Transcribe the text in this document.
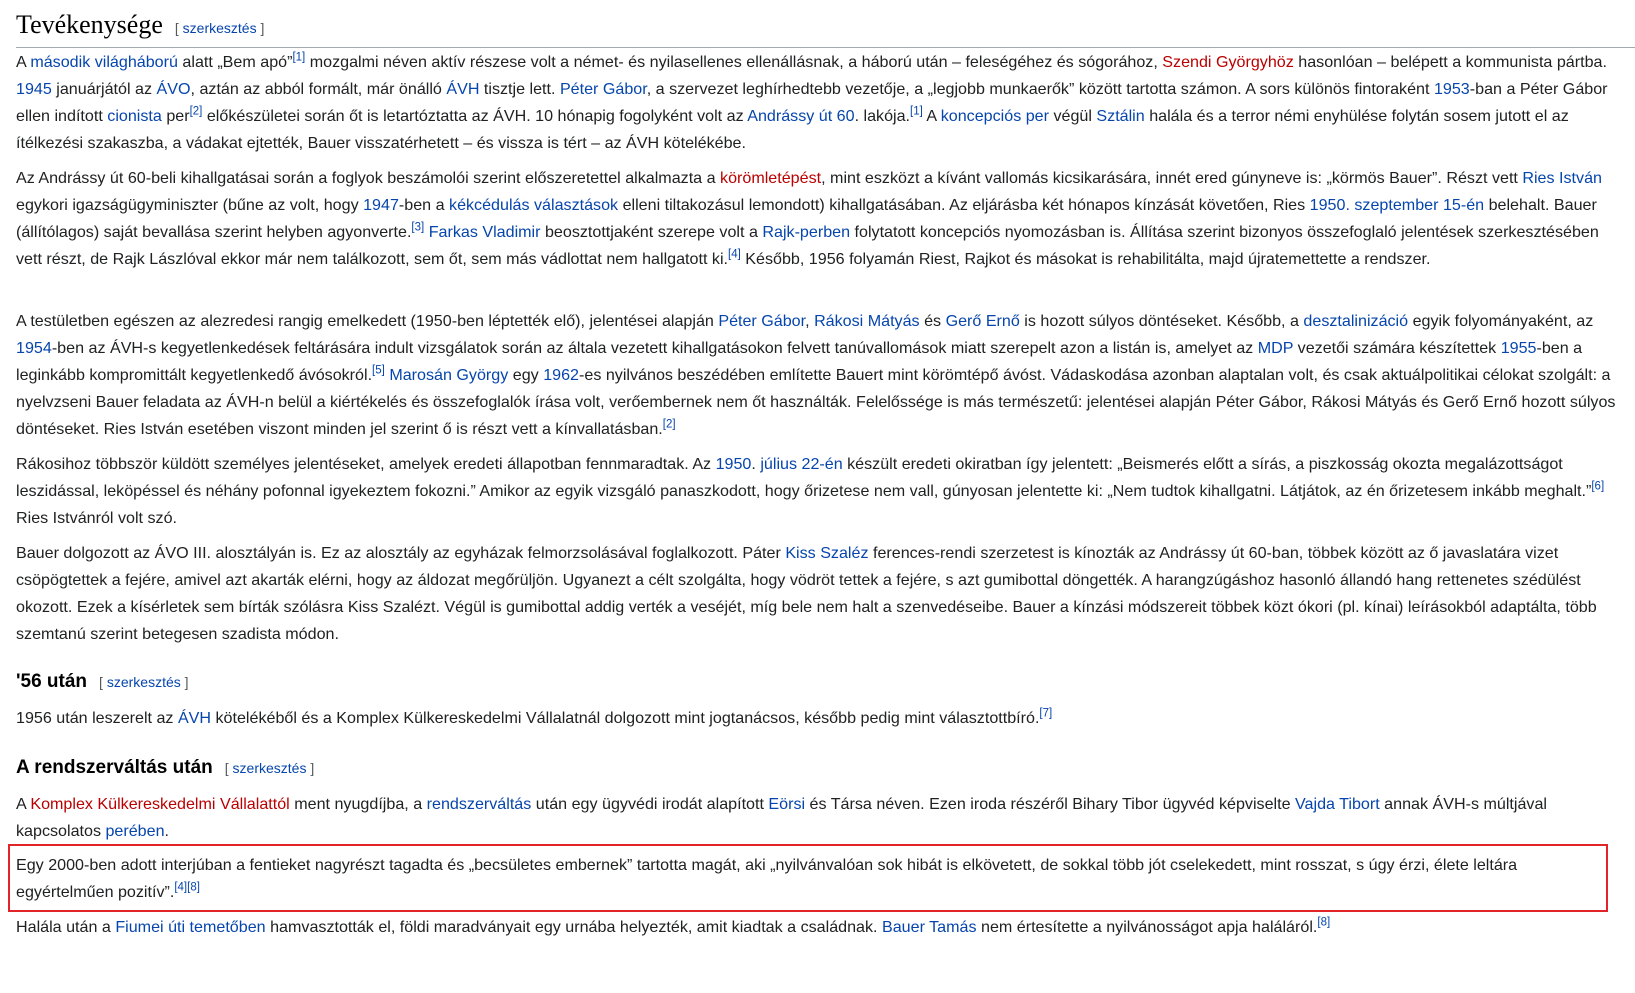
Tevékenysége [ szerkesztés ]

A második világháború alatt „Bem apó”[1] mozgalmi néven aktív részese volt a német- és nyilasellenes ellenállásnak, a háború után – feleségéhez és sógorához, Szendi Györgyhöz hasonlóan – belépett a kommunista pártba. 1945 januárjától az ÁVO, aztán az abból formált, már önálló ÁVH tisztje lett. Péter Gábor, a szervezet leghírhedtebb vezetője, a „legjobb munkaerők” között tartotta számon. A sors különös fintoraként 1953-ban a Péter Gábor ellen indított cionista per[2] előkészületei során őt is letartóztatta az ÁVH. 10 hónapig fogolyként volt az Andrássy út 60. lakója.[1] A koncepciós per végül Sztálin halála és a terror némi enyhülése folytán sosem jutott el az ítélkezési szakaszba, a vádakat ejtették, Bauer visszatérhetett – és vissza is tért – az ÁVH kötelékébe.

Az Andrássy út 60-beli kihallgatásai során a foglyok beszámolói szerint előszeretettel alkalmazta a körömletépést, mint eszközt a kívánt vallomás kicsikarására, innét ered gúnyneve is: „körmös Bauer”. Részt vett Ries István egykori igazságügyminiszter (bűne az volt, hogy 1947-ben a kékcédulás választások elleni tiltakozásul lemondott) kihallgatásában. Az eljárásba két hónapos kínzását követően, Ries 1950. szeptember 15-én belehalt. Bauer (állítólagos) saját bevallása szerint helyben agyonverte.[3] Farkas Vladimir beosztottjaként szerepe volt a Rajk-perben folytatott koncepciós nyomozásban is. Állítása szerint bizonyos összefoglaló jelentések szerkesztésében vett részt, de Rajk Lászlóval ekkor már nem találkozott, sem őt, sem más vádlottat nem hallgatott ki.[4] Később, 1956 folyamán Riest, Rajkot és másokat is rehabilitálta, majd újratemettette a rendszer.

A testületben egészen az alezredesi rangig emelkedett (1950-ben léptették elő), jelentései alapján Péter Gábor, Rákosi Mátyás és Gerő Ernő is hozott súlyos döntéseket. Később, a desztalinizáció egyik folyományaként, az 1954-ben az ÁVH-s kegyetlenkedések feltárására indult vizsgálatok során az általa vezetett kihallgatásokon felvett tanúvallomások miatt szerepelt azon a listán is, amelyet az MDP vezetői számára készítettek 1955-ben a leginkább kompromittált kegyetlenkedő ávósokról.[5] Marosán György egy 1962-es nyilvános beszédében említette Bauert mint körömtépő ávóst. Vádaskodása azonban alaptalan volt, és csak aktuálpolitikai célokat szolgált: a nyelvzseni Bauer feladata az ÁVH-n belül a kiértékelés és összefoglalók írása volt, verőembernek nem őt használták. Felelőssége is más természetű: jelentései alapján Péter Gábor, Rákosi Mátyás és Gerő Ernő hozott súlyos döntéseket. Ries István esetében viszont minden jel szerint ő is részt vett a kínvallatásban.[2]

Rákosihoz többször küldött személyes jelentéseket, amelyek eredeti állapotban fennmaradtak. Az 1950. július 22-én készült eredeti okiratban így jelentett: „Beismerés előtt a sírás, a piszkosság okozta megalázottságot leszidással, leköpéssel és néhány pofonnal igyekeztem fokozni.” Amikor az egyik vizsgáló panaszkodott, hogy őrizetese nem vall, gúnyosan jelentette ki: „Nem tudtok kihallgatni. Látjátok, az én őrizetesem inkább meghalt.”[6] Ries Istvánról volt szó.

Bauer dolgozott az ÁVO III. alosztályán is. Ez az alosztály az egyházak felmorzsolásával foglalkozott. Páter Kiss Szaléz ferences-rendi szerzetest is kínozták az Andrássy út 60-ban, többek között az ő javaslatára vizet csöpögtettek a fejére, amivel azt akarták elérni, hogy az áldozat megőrüljön. Ugyanezt a célt szolgálta, hogy vödröt tettek a fejére, s azt gumibottal döngették. A harangzúgáshoz hasonló állandó hang rettenetes szédülést okozott. Ezek a kísérletek sem bírták szólásra Kiss Szalézt. Végül is gumibottal addig verték a veséjét, míg bele nem halt a szenvedéseibe. Bauer a kínzási módszereit többek közt ókori (pl. kínai) leírásokból adaptálta, több szemtanú szerint betegesen szadista módon.

'56 után [ szerkesztés ]

1956 után leszerelt az ÁVH kötelékéből és a Komplex Külkereskedelmi Vállalatnál dolgozott mint jogtanácsos, később pedig mint választottbíró.[7]

A rendszerváltás után [ szerkesztés ]

A Komplex Külkereskedelmi Vállalattól ment nyugdíjba, a rendszerváltás után egy ügyvédi irodát alapított Eörsi és Társa néven. Ezen iroda részéről Bihary Tibor ügyvéd képviselte Vajda Tibort annak ÁVH-s múltjával kapcsolatos perében.

Egy 2000-ben adott interjúban a fentieket nagyrészt tagadta és „becsületes embernek” tartotta magát, aki „nyilvánvalóan sok hibát is elkövetett, de sokkal több jót cselekedett, mint rosszat, s úgy érzi, élete leltára egyértelműen pozitív”.[4][8]

Halála után a Fiumei úti temetőben hamvasztották el, földi maradványait egy urnába helyezték, amit kiadtak a családnak. Bauer Tamás nem értesítette a nyilvánosságot apja haláláról.[8]
